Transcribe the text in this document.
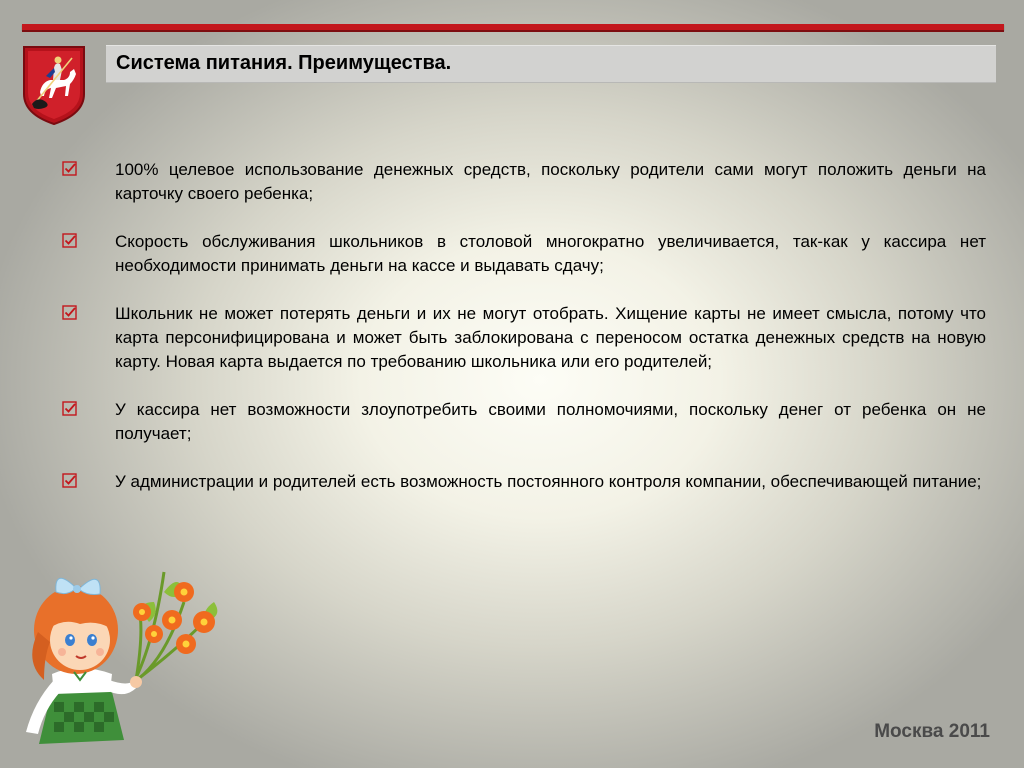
Система питания. Преимущества.
100% целевое использование денежных средств, поскольку родители сами могут положить деньги на карточку своего ребенка;
Скорость обслуживания школьников в столовой многократно увеличивается, так-как у кассира нет необходимости принимать деньги на кассе и выдавать сдачу;
Школьник не может потерять деньги и их не могут отобрать. Хищение карты не имеет смысла, потому что карта персонифицирована и может быть заблокирована с переносом остатка денежных средств на новую карту. Новая карта выдается по требованию школьника или его родителей;
У кассира нет возможности злоупотребить своими полномочиями, поскольку денег от ребенка он не получает;
У администрации и родителей есть возможность постоянного контроля компании, обеспечивающей питание;
Москва 2011
